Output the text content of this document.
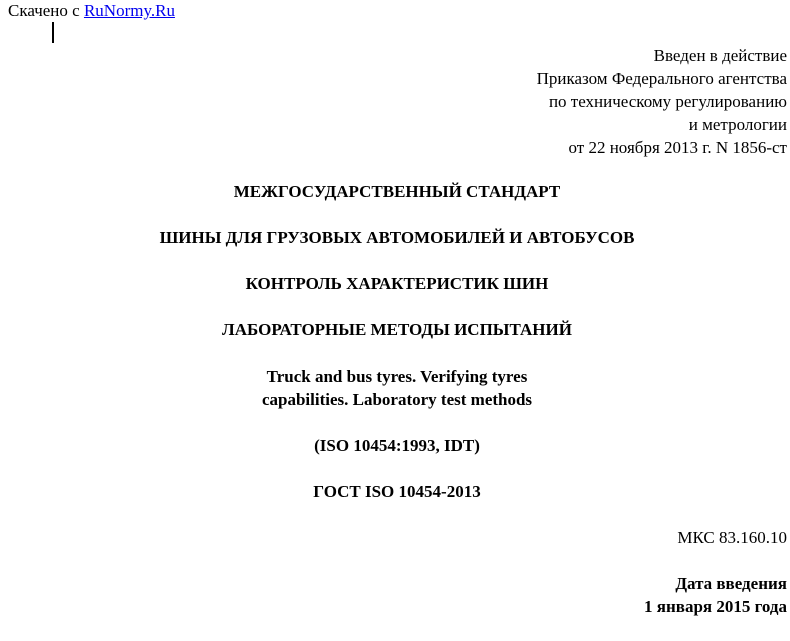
Скачено с RuNormy.Ru
Введен в действие
Приказом Федерального агентства
по техническому регулированию
и метрологии
от 22 ноября 2013 г. N 1856-ст
МЕЖГОСУДАРСТВЕННЫЙ СТАНДАРТ
ШИНЫ ДЛЯ ГРУЗОВЫХ АВТОМОБИЛЕЙ И АВТОБУСОВ
КОНТРОЛЬ ХАРАКТЕРИСТИК ШИН
ЛАБОРАТОРНЫЕ МЕТОДЫ ИСПЫТАНИЙ
Truck and bus tyres. Verifying tyres
capabilities. Laboratory test methods
(ISO 10454:1993, IDT)
ГОСТ ISO 10454-2013
МКС 83.160.10
Дата введения
1 января 2015 года
